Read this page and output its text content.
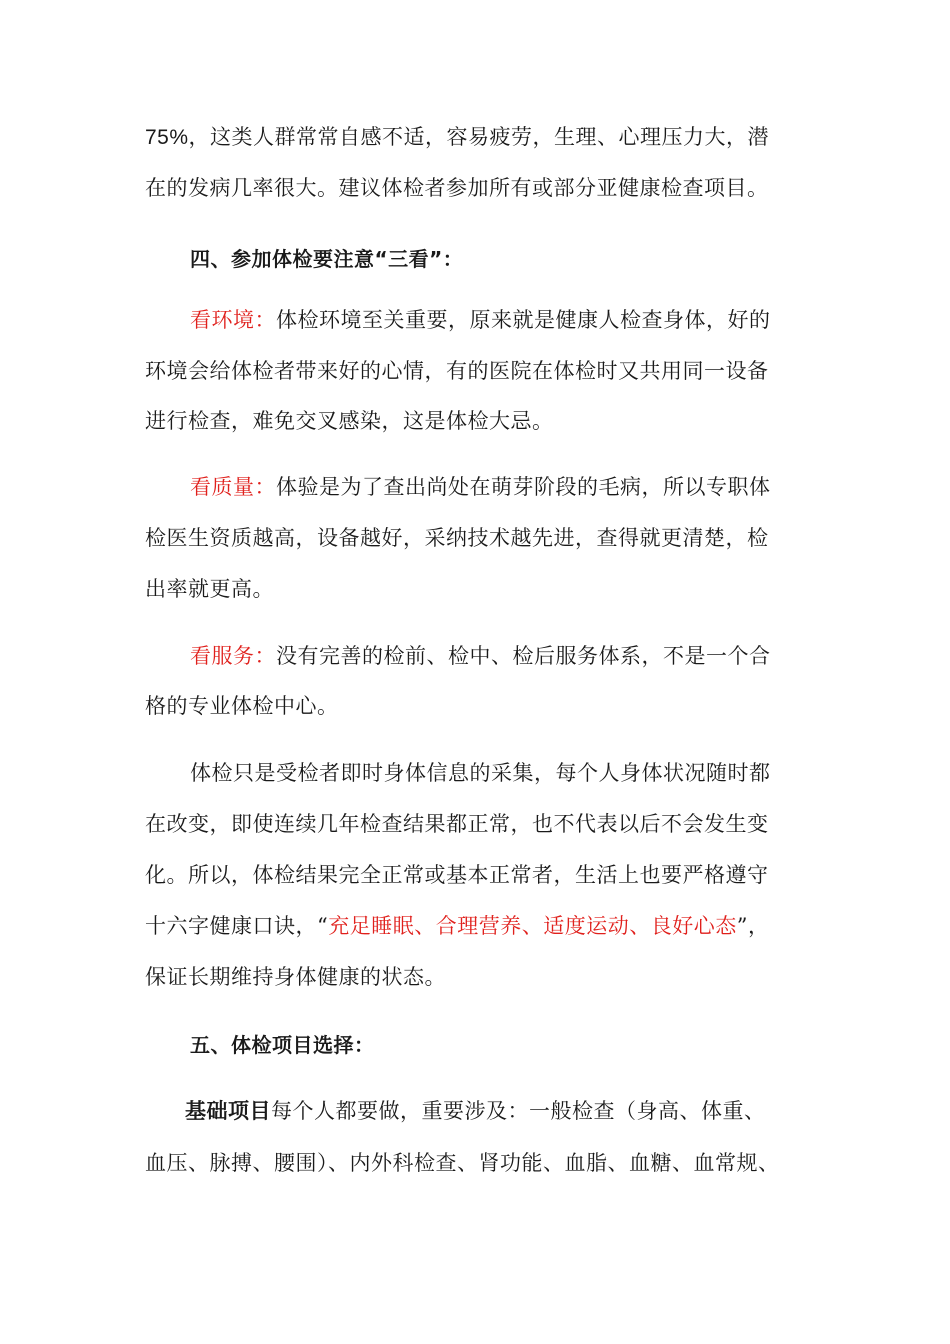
75%，这类人群常常自感不适，容易疲劳，生理、心理压力大，潜
在的发病几率很大。建议体检者参加所有或部分亚健康检查项目。
四、参加体检要注意“三看”：
看环境：体检环境至关重要，原来就是健康人检查身体，好的
环境会给体检者带来好的心情，有的医院在体检时又共用同一设备
进行检查，难免交叉感染，这是体检大忌。
看质量：体验是为了查出尚处在萌芽阶段的毛病，所以专职体
检医生资质越高，设备越好，采纳技术越先进，查得就更清楚，检
出率就更高。
看服务：没有完善的检前、检中、检后服务体系，不是一个合
格的专业体检中心。
体检只是受检者即时身体信息的采集，每个人身体状况随时都
在改变，即使连续几年检查结果都正常，也不代表以后不会发生变
化。所以，体检结果完全正常或基本正常者，生活上也要严格遵守
十六字健康口诀，“充足睡眠、合理营养、适度运动、良好心态”，
保证长期维持身体健康的状态。
五、体检项目选择：
基础项目每个人都要做，重要涉及：一般检查（身高、体重、
血压、脉搏、腰围）、内外科检查、肾功能、血脂、血糖、血常规、
